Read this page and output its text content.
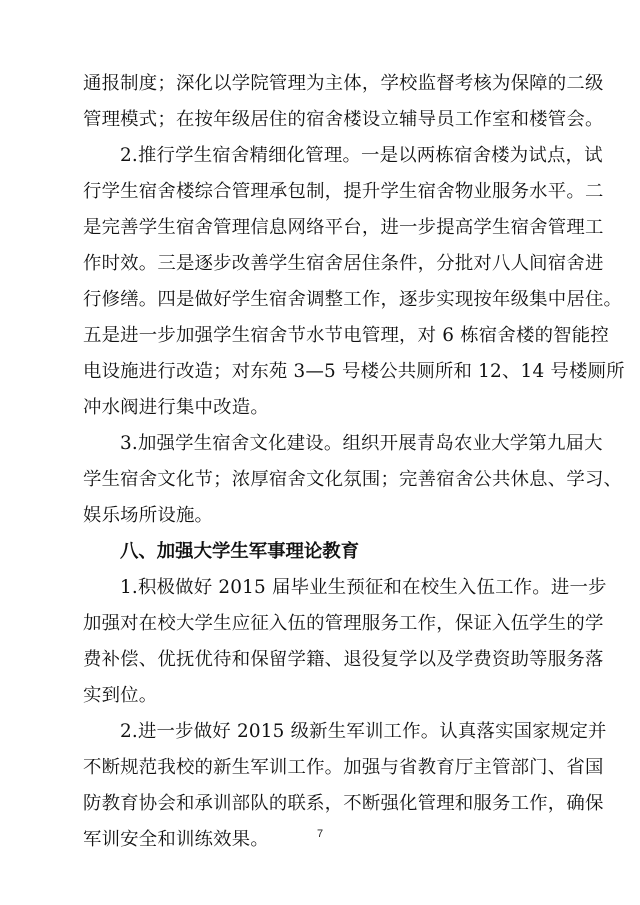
通报制度；深化以学院管理为主体，学校监督考核为保障的二级
管理模式；在按年级居住的宿舍楼设立辅导员工作室和楼管会。
2.推行学生宿舍精细化管理。一是以两栋宿舍楼为试点，试
行学生宿舍楼综合管理承包制，提升学生宿舍物业服务水平。二
是完善学生宿舍管理信息网络平台，进一步提高学生宿舍管理工
作时效。三是逐步改善学生宿舍居住条件，分批对八人间宿舍进
行修缮。四是做好学生宿舍调整工作，逐步实现按年级集中居住。
五是进一步加强学生宿舍节水节电管理，对 6 栋宿舍楼的智能控
电设施进行改造；对东苑 3—5 号楼公共厕所和 12、14 号楼厕所
冲水阀进行集中改造。
3.加强学生宿舍文化建设。组织开展青岛农业大学第九届大
学生宿舍文化节；浓厚宿舍文化氛围；完善宿舍公共休息、学习、
娱乐场所设施。
八、加强大学生军事理论教育
1.积极做好 2015 届毕业生预征和在校生入伍工作。进一步
加强对在校大学生应征入伍的管理服务工作，保证入伍学生的学
费补偿、优抚优待和保留学籍、退役复学以及学费资助等服务落
实到位。
2.进一步做好 2015 级新生军训工作。认真落实国家规定并
不断规范我校的新生军训工作。加强与省教育厅主管部门、省国
防教育协会和承训部队的联系，不断强化管理和服务工作，确保
军训安全和训练效果。	7
